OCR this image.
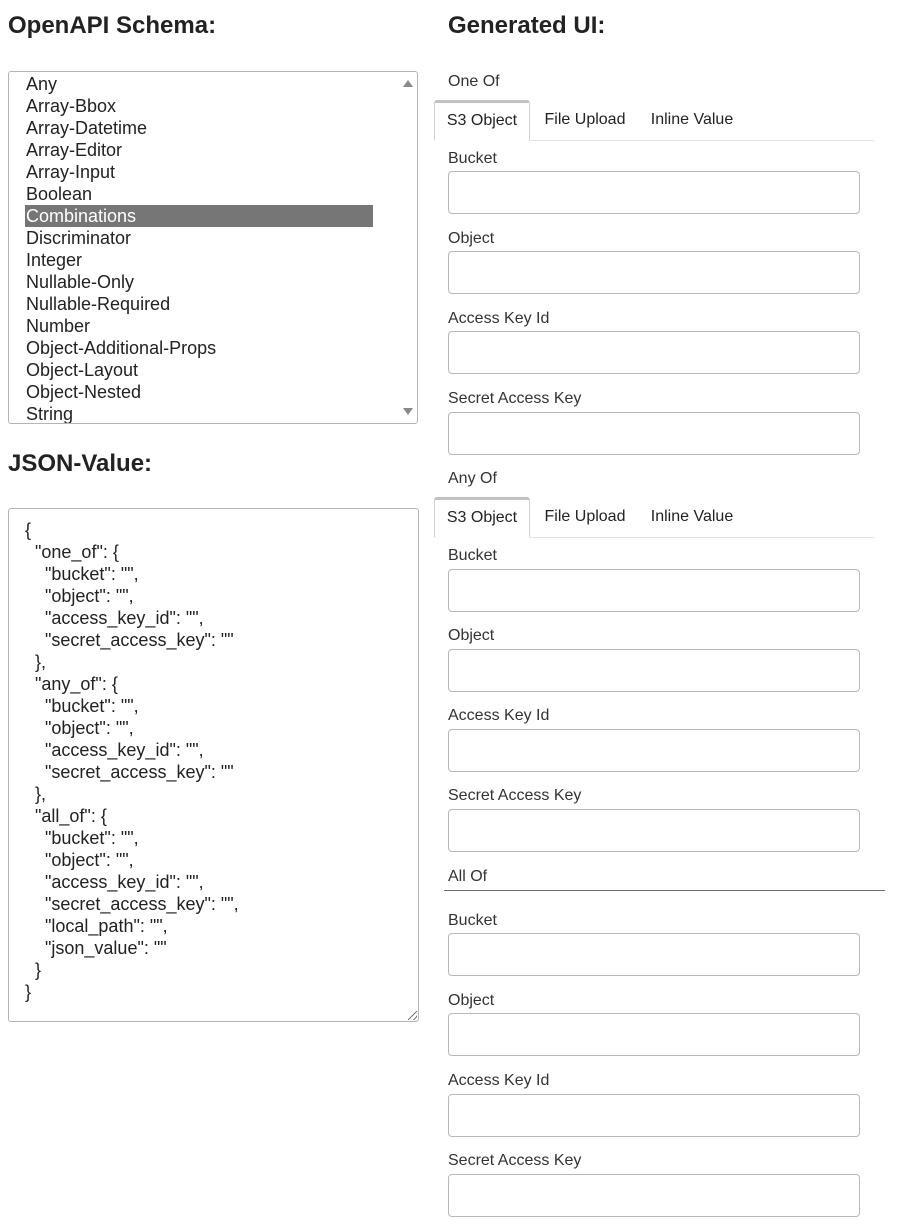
OpenAPI Schema:
Any
Array-Bbox
Array-Datetime
Array-Editor
Array-Input
Boolean
Combinations
Discriminator
Integer
Nullable-Only
Nullable-Required
Number
Object-Additional-Props
Object-Layout
Object-Nested
String
JSON-Value:
{
"one_of": {
"bucket": "",
"object": "",
"access_key_id": "",
"secret_access_key": ""
},
"any_of": {
"bucket": "",
"object": "",
"access_key_id": "",
"secret_access_key": ""
},
"all_of": {
"bucket": "",
"object": "",
"access_key_id": "",
"secret_access_key": "",
"local_path": "",
"json_value": ""
}
}
Generated UI:
One Of
S3 Object	File Upload	Inline Value
Bucket
Object
Access Key Id
Secret Access Key
Any Of
S3 Object	File Upload	Inline Value
Bucket
Object
Access Key Id
Secret Access Key
All Of
Bucket
Object
Access Key Id
Secret Access Key
